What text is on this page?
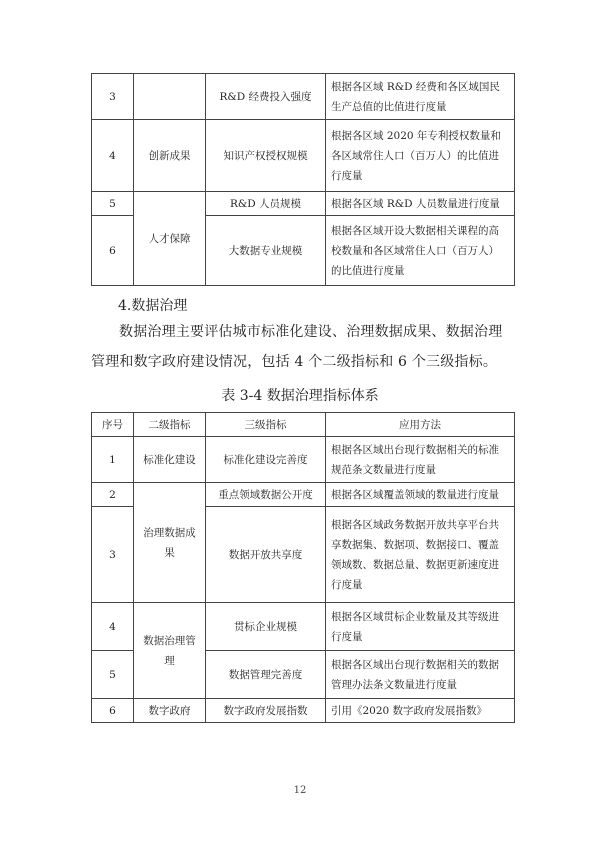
3		R&D 经费投入强度	根据各区域 R&D 经费和各区域国民生产总值的比值进行度量
4	创新成果	知识产权授权规模	根据各区域 2020 年专利授权数量和各区域常住人口（百万人）的比值进行度量
5	人才保障	R&D 人员规模	根据各区域 R&D 人员数量进行度量
6		大数据专业规模	根据各区域开设大数据相关课程的高校数量和各区域常住人口（百万人）的比值进行度量
4.数据治理
数据治理主要评估城市标准化建设、治理数据成果、数据治理管理和数字政府建设情况，包括 4 个二级指标和 6 个三级指标。
表 3-4 数据治理指标体系
序号	二级指标	三级指标	应用方法
1	标准化建设	标准化建设完善度	根据各区域出台现行数据相关的标准规范条文数量进行度量
2	治理数据成果	重点领域数据公开度	根据各区域覆盖领域的数量进行度量
3		数据开放共享度	根据各区域政务数据开放共享平台共享数据集、数据项、数据接口、覆盖领域数、数据总量、数据更新速度进行度量
4	数据治理管理	贯标企业规模	根据各区域贯标企业数量及其等级进行度量
5		数据管理完善度	根据各区域出台现行数据相关的数据管理办法条文数量进行度量
6	数字政府	数字政府发展指数	引用《2020 数字政府发展指数》
12
